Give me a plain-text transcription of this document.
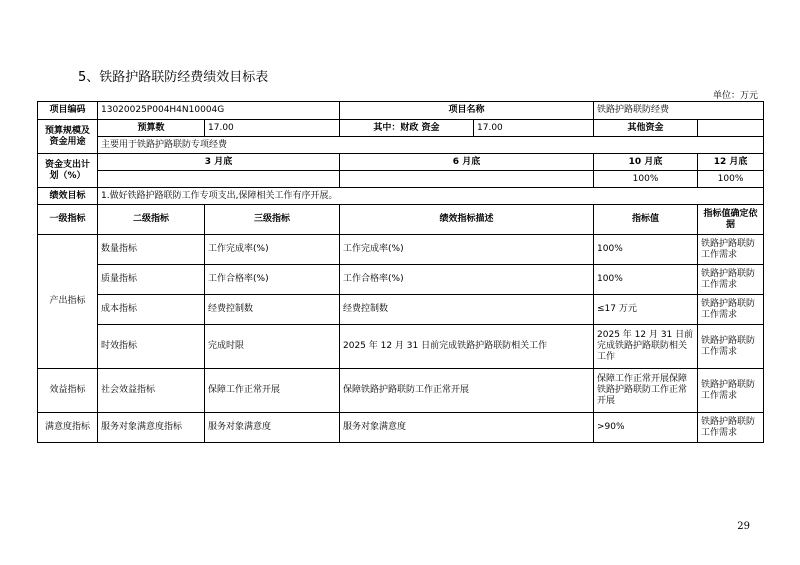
5、铁路护路联防经费绩效目标表
单位：万元
项目编码	13020025P004H4N10004G		项目名称		铁路护路联防经费	
预算规模及资金用途	预算数	17.00	其中：财政 资金	17.00	其他资金	
	主要用于铁路护路联防专项经费					
资金支出计划（%）	3 月底		6 月底		10 月底	12 月底
					100%	100%
绩效目标	1.做好铁路护路联防工作专项支出,保障相关工作有序开展。					
一级指标	二级指标	三级指标	绩效指标描述		指标值	指标值确定依据
产出指标	数量指标	工作完成率(%)	工作完成率(%)		100%	铁路护路联防工作需求
	质量指标	工作合格率(%)	工作合格率(%)		100%	铁路护路联防工作需求
	成本指标	经费控制数	经费控制数		≤17 万元	铁路护路联防工作需求
	时效指标	完成时限	2025 年 12 月 31 日前完成铁路护路联防相关工作		2025 年 12 月 31 日前完成铁路护路联防相关工作	铁路护路联防工作需求
效益指标	社会效益指标	保障工作正常开展	保障铁路护路联防工作正常开展		保障工作正常开展保障铁路护路联防工作正常开展	铁路护路联防工作需求
满意度指标	服务对象满意度指标	服务对象满意度	服务对象满意度		>90%	铁路护路联防工作需求
29
